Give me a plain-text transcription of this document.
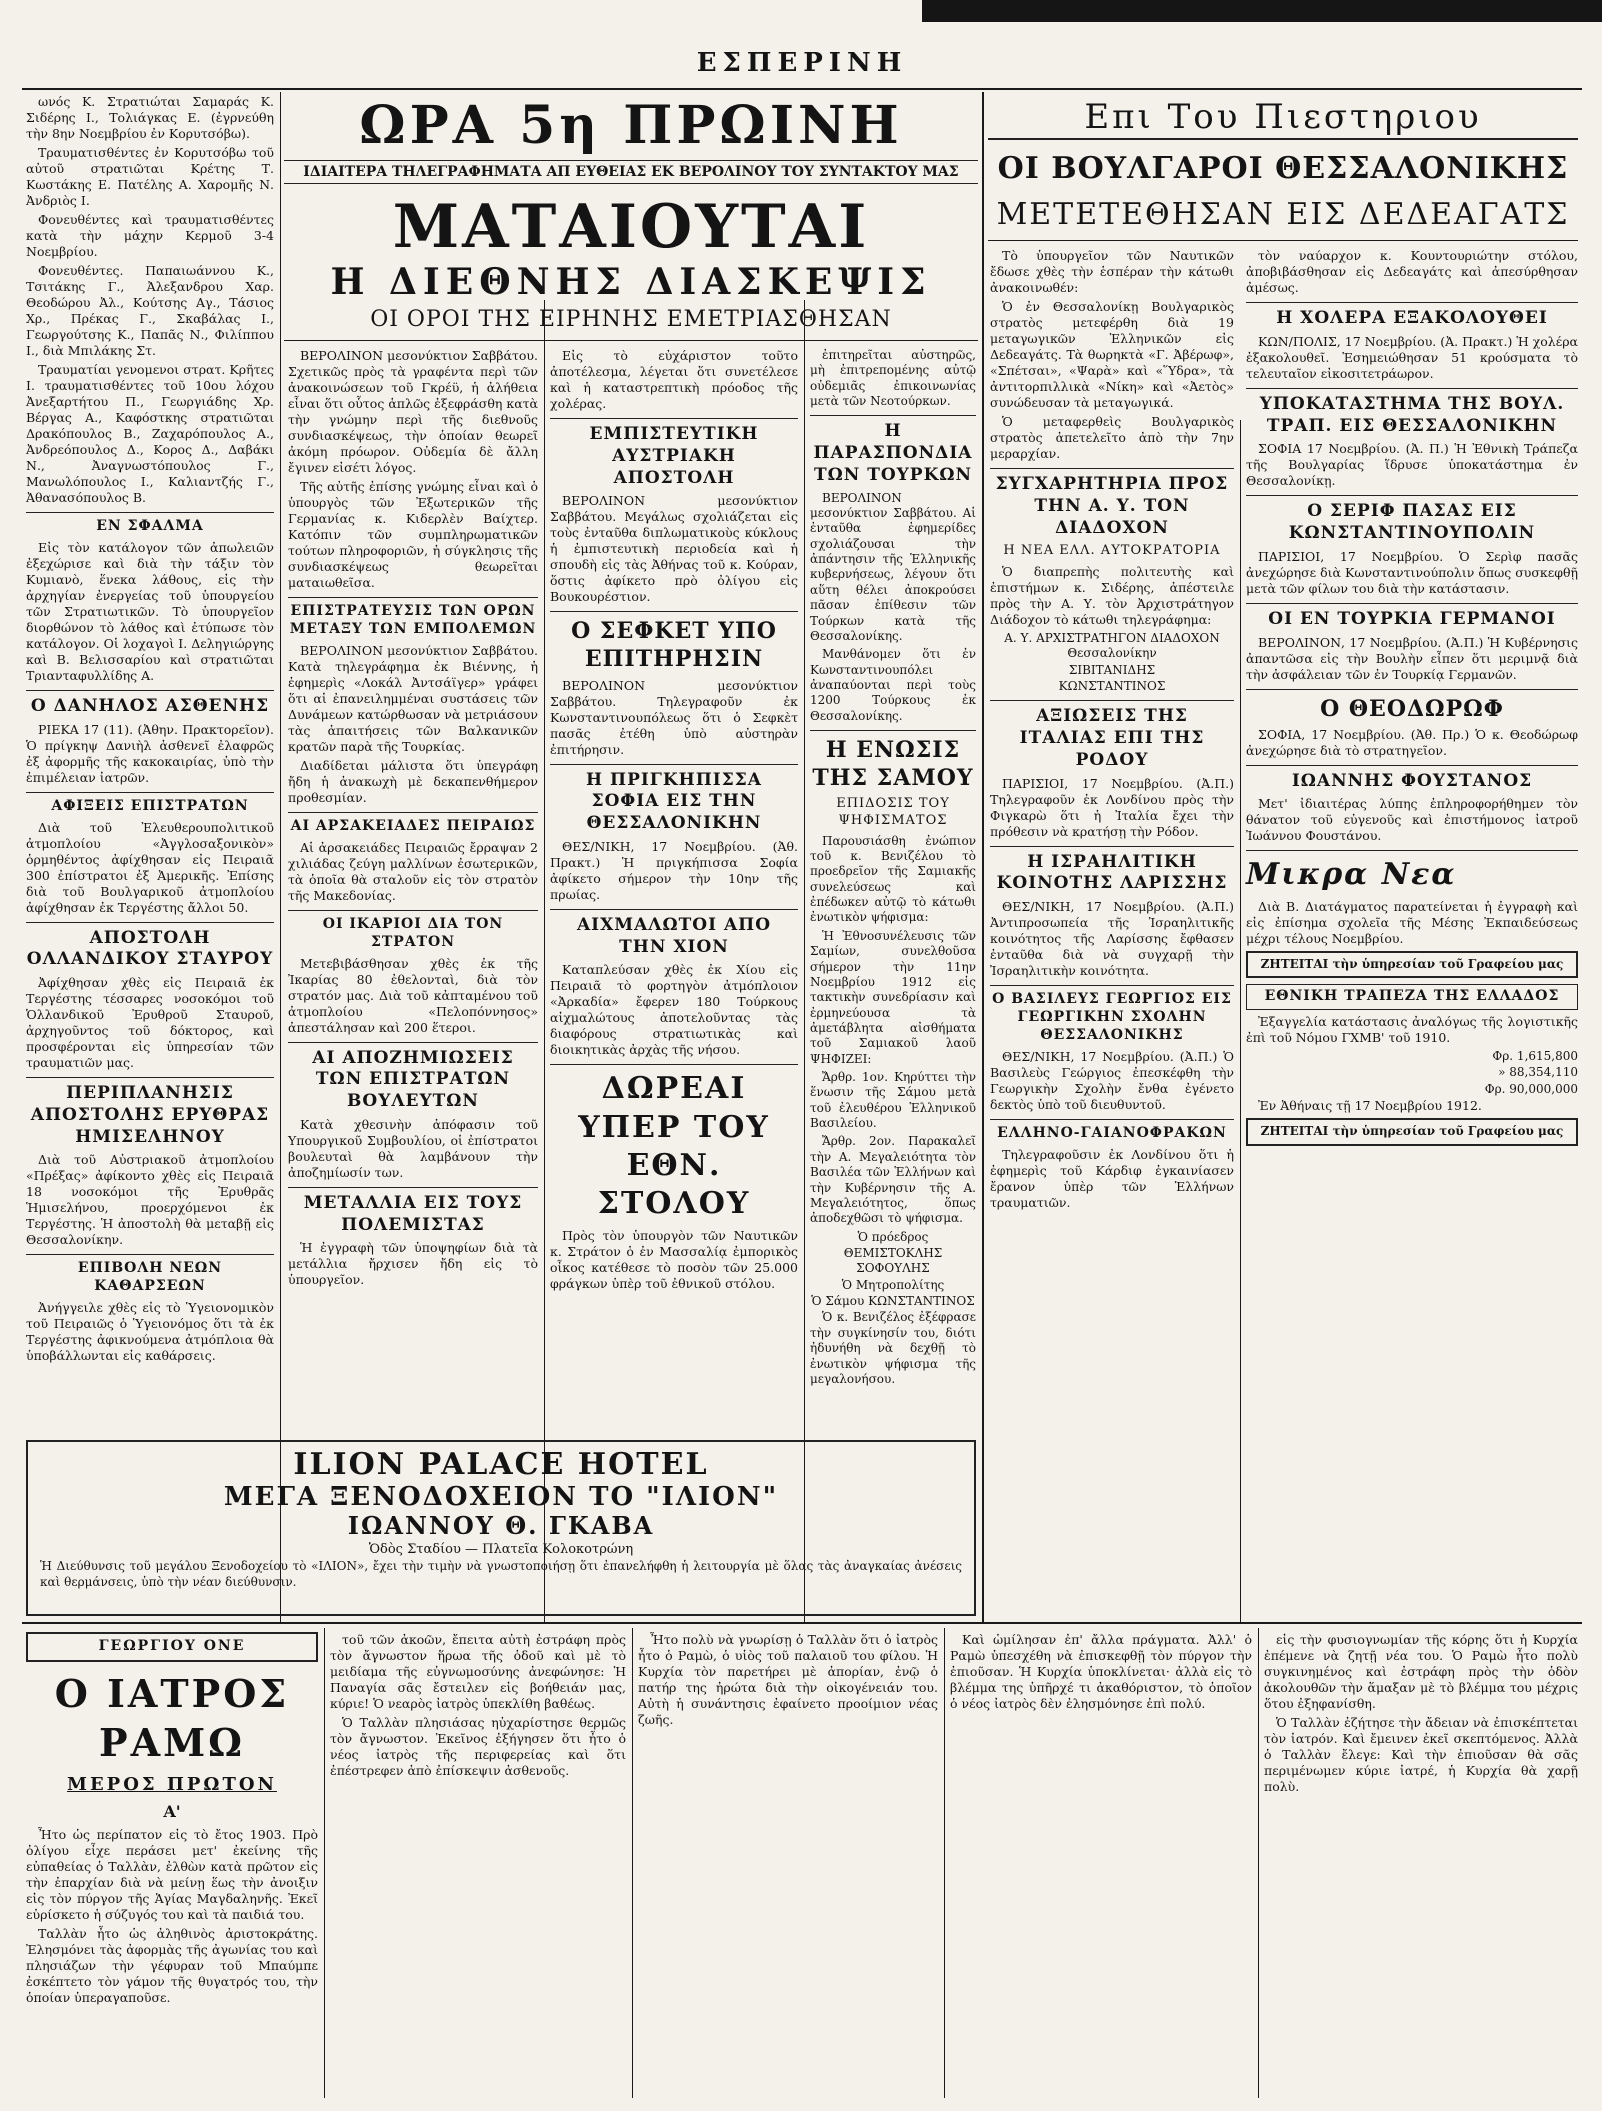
ΕΣΠΕΡΙΝΗ

ωνός Κ. Στρατιώται Σαμαράς Κ. Σιδέρης Ι., Τολιάγκας Ε. (ἐγρνεύθη τὴν 8ην Νοεμβρίου ἐν Κορυτσόβω).

Τραυματισθέντες ἐν Κορυτσόβω τοῦ αὐτοῦ στρατιῶται Κρέτης Τ. Κωστάκης Ε. Πατέλης Α. Χαρομῆς Ν. Ἀνδριὸς Ι.

Φονευθέντες καὶ τραυματισθέντες κατὰ τὴν μάχην Κερμοῦ 3-4 Νοεμβρίου.

Φονευθέντες. Παπαιωάννου Κ., Τσιτάκης Γ., Ἀλεξανδρου Χαρ. Θεοδώρου Ἀλ., Κούτσης Αγ., Τάσιος Χρ., Πρέκας Γ., Σκαβάλας Ι., Γεωργούτσης Κ., Παπᾶς Ν., Φιλίππου Ι., διὰ Μπιλάκης Στ.

Τραυματίαι γενομενοι στρατ. Κρῆτες Ι. τραυματισθέντες τοῦ 10ου λόχου Ἀνεξαρτήτου Π., Γεωργιάδης Χρ. Βέργας Α., Καφόστκης στρατιῶται Δρακόπουλος Β., Ζαχαρόπουλος Α., Ἀνδρεόπουλος Δ., Κορος Δ., Δαβάκι Ν., Ἀναγνωστόπουλος Γ., Μανωλόπουλος Ι., Καλιαντζής Γ., Ἀθανασόπουλος Β.

ΕΝ ΣΦΑΛΜΑ

Εἰς τὸν κατάλογον τῶν ἀπωλειῶν ἐξεχώρισε καὶ διὰ τὴν τάξιν τὸν Κυμιανὸ, ἕνεκα λάθους, εἰς τὴν ἀρχηγίαν ἐνεργείας τοῦ ὑπουργείου τῶν Στρατιωτικῶν. Τὸ ὑπουργεῖον διορθώνον τὸ λάθος καὶ ἐτύπωσε τὸν κατάλογον. Οἱ λοχαγοὶ Ι. Δεληγιώργης καὶ Β. Βελισσαρίου καὶ στρατιῶται Τριανταφυλλίδης Α.

Ο ΔΑΝΗΛΟΣ ΑΣΘΕΝΗΣ

ΡΙΕΚΑ 17 (11). (Ἀθην. Πρακτορεῖον). Ὁ πρίγκηψ Δανιὴλ ἀσθενεῖ ἐλαφρῶς ἐξ ἀφορμῆς τῆς κακοκαιρίας, ὑπὸ τὴν ἐπιμέλειαν ἰατρῶν.

ΑΦΙΞΕΙΣ ΕΠΙΣΤΡΑΤΩΝ

Διὰ τοῦ Ἐλευθερουπολιτικοῦ ἀτμοπλοίου «Ἀγγλοσαξονικὸν» ὁρμηθέντος ἀφίχθησαν εἰς Πειραιᾶ 300 ἐπίστρατοι ἐξ Ἀμερικῆς. Ἐπίσης διὰ τοῦ Βουλγαρικοῦ ἀτμοπλοίου ἀφίχθησαν ἐκ Τεργέστης ἄλλοι 50.

ΑΠΟΣΤΟΛΗ ΟΛΛΑΝΔΙΚΟΥ ΣΤΑΥΡΟΥ

Ἀφίχθησαν χθὲς εἰς Πειραιᾶ ἐκ Τεργέστης τέσσαρες νοσοκόμοι τοῦ Ὁλλανδικοῦ Ἐρυθροῦ Σταυροῦ, ἀρχηγοῦντος τοῦ δόκτορος, καὶ προσφέρονται εἰς ὑπηρεσίαν τῶν τραυματιῶν μας.

ΠΕΡΙΠΛΑΝΗΣΙΣ ΑΠΟΣΤΟΛΗΣ ΕΡΥΘΡΑΣ ΗΜΙΣΕΛΗΝΟΥ

Διὰ τοῦ Αὐστριακοῦ ἀτμοπλοίου «Πρέξας» ἀφίκοντο χθὲς εἰς Πειραιᾶ 18 νοσοκόμοι τῆς Ἐρυθρᾶς Ἡμισελήνου, προερχόμενοι ἐκ Τεργέστης. Ἡ ἀποστολὴ θὰ μεταβῇ εἰς Θεσσαλονίκην.

ΕΠΙΒΟΛΗ ΝΕΩΝ ΚΑΘΑΡΣΕΩΝ

Ἀνήγγειλε χθὲς εἰς τὸ Ὑγειονομικὸν τοῦ Πειραιῶς ὁ Ὑγειονόμος ὅτι τὰ ἐκ Τεργέστης ἀφικνούμενα ἀτμόπλοια θὰ ὑποβάλλωνται εἰς καθάρσεις.

ΩΡΑ 5η ΠΡΩΙΝΗ
ΙΔΙΑΙΤΕΡΑ ΤΗΛΕΓΡΑΦΗΜΑΤΑ ΑΠ ΕΥΘΕΙΑΣ ΕΚ ΒΕΡΟΛΙΝΟΥ ΤΟΥ ΣΥΝΤΑΚΤΟΥ ΜΑΣ
ΜΑΤΑΙΟΥΤΑΙ
Η ΔΙΕΘΝΗΣ ΔΙΑΣΚΕΨΙΣ
ΟΙ ΟΡΟΙ ΤΗΣ ΕΙΡΗΝΗΣ ΕΜΕΤΡΙΑΣΘΗΣΑΝ

ΒΕΡΟΛΙΝΟΝ μεσονύκτιον Σαββάτου. Σχετικῶς πρὸς τὰ γραφέντα περὶ τῶν ἀνακοινώσεων τοῦ Γκρέϋ, ἡ ἀλήθεια εἶναι ὅτι οὗτος ἁπλῶς ἐξεφράσθη κατὰ τὴν γνώμην περὶ τῆς διεθνοῦς συνδιασκέψεως, τὴν ὁποίαν θεωρεῖ ἀκόμη πρόωρον. Οὐδεμία δὲ ἄλλη ἔγινεν εἰσέτι λόγος.

Τῆς αὐτῆς ἐπίσης γνώμης εἶναι καὶ ὁ ὑπουργὸς τῶν Ἐξωτερικῶν τῆς Γερμανίας κ. Κιδερλὲν Βαίχτερ. Κατόπιν τῶν συμπληρωματικῶν τούτων πληροφοριῶν, ἡ σύγκλησις τῆς συνδιασκέψεως θεωρεῖται ματαιωθεῖσα.

ΕΠΙΣΤΡΑΤΕΥΣΙΣ ΤΩΝ ΟΡΩΝ ΜΕΤΑΞΥ ΤΩΝ ΕΜΠΟΛΕΜΩΝ

ΒΕΡΟΛΙΝΟΝ μεσονύκτιον Σαββάτου. Κατὰ τηλεγράφημα ἐκ Βιέννης, ἡ ἐφημερὶς «Λοκάλ Ἀντσάϊγερ» γράφει ὅτι αἱ ἐπανειλημμέναι συστάσεις τῶν Δυνάμεων κατώρθωσαν νὰ μετριάσουν τὰς ἀπαιτήσεις τῶν Βαλκανικῶν κρατῶν παρὰ τῆς Τουρκίας.

Διαδίδεται μάλιστα ὅτι ὑπεγράφη ἤδη ἡ ἀνακωχὴ μὲ δεκαπενθήμερον προθεσμίαν.

ΑΙ ΑΡΣΑΚΕΙΑΔΕΣ ΠΕΙΡΑΙΩΣ

Αἱ ἀρσακειάδες Πειραιῶς ἔρραψαν 2 χιλιάδας ζεύγη μαλλίνων ἐσωτερικῶν, τὰ ὁποῖα θὰ σταλοῦν εἰς τὸν στρατὸν τῆς Μακεδονίας.

ΟΙ ΙΚΑΡΙΟΙ ΔΙΑ ΤΟΝ ΣΤΡΑΤΟΝ

Μετεβιβάσθησαν χθὲς ἐκ τῆς Ἰκαρίας 80 ἐθελονταὶ, διὰ τὸν στρατόν μας. Διὰ τοῦ κἀπταμένου τοῦ ἀτμοπλοίου «Πελοπόννησος» ἀπεστάλησαν καὶ 200 ἕτεροι.

ΑΙ ΑΠΟΖΗΜΙΩΣΕΙΣ ΤΩΝ ΕΠΙΣΤΡΑΤΩΝ ΒΟΥΛΕΥΤΩΝ

Κατὰ χθεσινὴν ἀπόφασιν τοῦ Υπουργικοῦ Συμβουλίου, οἱ ἐπίστρατοι βουλευταὶ θὰ λαμβάνουν τὴν ἀποζημίωσίν των.

ΜΕΤΑΛΛΙΑ ΕΙΣ ΤΟΥΣ ΠΟΛΕΜΙΣΤΑΣ

Ἡ ἐγγραφὴ τῶν ὑποψηφίων διὰ τὰ μετάλλια ἤρχισεν ἤδη εἰς τὸ ὑπουργεῖον.

Εἰς τὸ εὐχάριστον τοῦτο ἀποτέλεσμα, λέγεται ὅτι συνετέλεσε καὶ ἡ καταστρεπτικὴ πρόοδος τῆς χολέρας.

ΕΜΠΙΣΤΕΥΤΙΚΗ ΑΥΣΤΡΙΑΚΗ ΑΠΟΣΤΟΛΗ

ΒΕΡΟΛΙΝΟΝ μεσονύκτιον Σαββάτου. Μεγάλως σχολιάζεται εἰς τοὺς ἐνταῦθα διπλωματικοὺς κύκλους ἡ ἐμπιστευτικὴ περιοδεία καὶ ἡ σπουδὴ εἰς τὰς Ἀθήνας τοῦ κ. Κούραν, ὅστις ἀφίκετο πρὸ ὀλίγου εἰς Βουκουρέστιον.

Ο ΣΕΦΚΕΤ ΥΠΟ ΕΠΙΤΗΡΗΣΙΝ

ΒΕΡΟΛΙΝΟΝ μεσονύκτιον Σαββάτου. Τηλεγραφοῦν ἐκ Κωνσταντινουπόλεως ὅτι ὁ Σεφκὲτ πασᾶς ἐτέθη ὑπὸ αὐστηρὰν ἐπιτήρησιν.

Η ΠΡΙΓΚΗΠΙΣΣΑ ΣΟΦΙΑ ΕΙΣ ΤΗΝ ΘΕΣΣΑΛΟΝΙΚΗΝ

ΘΕΣ/ΝΙΚΗ, 17 Νοεμβρίου. (Ἀθ. Πρακτ.) Ἡ πριγκήπισσα Σοφία ἀφίκετο σήμερον τὴν 10ην τῆς πρωίας.

ΑΙΧΜΑΛΩΤΟΙ ΑΠΟ ΤΗΝ ΧΙΟΝ

Καταπλεύσαν χθὲς ἐκ Χίου εἰς Πειραιᾶ τὸ φορτηγὸν ἀτμόπλοιον «Ἀρκαδία» ἔφερεν 180 Τούρκους αἰχμαλώτους ἀποτελοῦντας τὰς διαφόρους στρατιωτικὰς καὶ διοικητικὰς ἀρχὰς τῆς νήσου.

ΔΩΡΕΑΙ ΥΠΕΡ ΤΟΥ ΕΘΝ. ΣΤΟΛΟΥ

Πρὸς τὸν ὑπουργὸν τῶν Ναυτικῶν κ. Στράτον ὁ ἐν Μασσαλίᾳ ἐμπορικὸς οἶκος κατέθεσε τὸ ποσὸν τῶν 25.000 φράγκων ὑπὲρ τοῦ ἐθνικοῦ στόλου.

ἐπιτηρεῖται αὐστηρῶς, μὴ ἐπιτρεπομένης αὐτῷ οὐδεμιᾶς ἐπικοινωνίας μετὰ τῶν Νεοτούρκων.

Η ΠΑΡΑΣΠΟΝΔΙΑ ΤΩΝ ΤΟΥΡΚΩΝ

ΒΕΡΟΛΙΝΟΝ μεσονύκτιον Σαββάτου. Αἱ ἐνταῦθα ἐφημερίδες σχολιάζουσαι τὴν ἀπάντησιν τῆς Ἑλληνικῆς κυβερνήσεως, λέγουν ὅτι αὕτη θέλει ἀποκρούσει πᾶσαν ἐπίθεσιν τῶν Τούρκων κατὰ τῆς Θεσσαλονίκης.

Μανθάνομεν ὅτι ἐν Κωνσταντινουπόλει ἀναπαύονται περὶ τοὺς 1200 Τούρκους ἐκ Θεσσαλονίκης.

Η ΕΝΩΣΙΣ ΤΗΣ ΣΑΜΟΥ
ΕΠΙΔΟΣΙΣ ΤΟΥ ΨΗΦΙΣΜΑΤΟΣ

Παρουσιάσθη ἐνώπιον τοῦ κ. Βενιζέλου τὸ προεδρεῖον τῆς Σαμιακῆς συνελεύσεως καὶ ἐπέδωκεν αὐτῷ τὸ κάτωθι ἐνωτικὸν ψήφισμα:

Ἡ Ἐθνοσυνέλευσις τῶν Σαμίων, συνελθοῦσα σήμερον τὴν 11ην Νοεμβρίου 1912 εἰς τακτικὴν συνεδρίασιν καὶ ἐρμηνεύουσα τὰ ἀμετάβλητα αἰσθήματα τοῦ Σαμιακοῦ λαοῦ ΨΗΦΙΖΕΙ:

Ἄρθρ. 1ον. Κηρύττει τὴν ἕνωσιν τῆς Σάμου μετὰ τοῦ ἐλευθέρου Ἑλληνικοῦ Βασιλείου.

Ἄρθρ. 2ον. Παρακαλεῖ τὴν Α. Μεγαλειότητα τὸν Βασιλέα τῶν Ἑλλήνων καὶ τὴν Κυβέρνησιν τῆς Α. Μεγαλειότητος, ὅπως ἀποδεχθῶσι τὸ ψήφισμα.

Ὁ πρόεδρος
ΘΕΜΙΣΤΟΚΛΗΣ ΣΟΦΟΥΛΗΣ
Ὁ Μητροπολίτης
Ὁ Σάμου ΚΩΝΣΤΑΝΤΙΝΟΣ

Ὁ κ. Βενιζέλος ἐξέφρασε τὴν συγκίνησίν του, διότι ἠδυνήθη νὰ δεχθῇ τὸ ἐνωτικὸν ψήφισμα τῆς μεγαλονήσου.

Επι Του Πιεστηριου
ΟΙ ΒΟΥΛΓΑΡΟΙ ΘΕΣΣΑΛΟΝΙΚΗΣ
ΜΕΤΕΤΕΘΗΣΑΝ ΕΙΣ ΔΕΔΕΑΓΑΤΣ

Τὸ ὑπουργεῖον τῶν Ναυτικῶν ἔδωσε χθὲς τὴν ἑσπέραν τὴν κάτωθι ἀνακοινωθέν:

Ὁ ἐν Θεσσαλονίκῃ Βουλγαρικὸς στρατὸς μετεφέρθη διὰ 19 μεταγωγικῶν Ἑλληνικῶν εἰς Δεδεαγάτς. Τὰ θωρηκτὰ «Γ. Ἀβέρωφ», «Σπέτσαι», «Ψαρὰ» καὶ «Ὕδρα», τὰ ἀντιτορπιλλικὰ «Νίκη» καὶ «Ἀετὸς» συνώδευσαν τὰ μεταγωγικά.

Ὁ μεταφερθεὶς Βουλγαρικὸς στρατὸς ἀπετελεῖτο ἀπὸ τὴν 7ην μεραρχίαν.

ΣΥΓΧΑΡΗΤΗΡΙΑ ΠΡΟΣ ΤΗΝ Α. Υ. ΤΟΝ ΔΙΑΔΟΧΟΝ
Η ΝΕΑ ΕΛΛ. ΑΥΤΟΚΡΑΤΟΡΙΑ

Ὁ διαπρεπὴς πολιτευτὴς καὶ ἐπιστήμων κ. Σιδέρης, ἀπέστειλε πρὸς τὴν Α. Υ. τὸν Ἀρχιστράτηγον Διάδοχον τὸ κάτωθι τηλεγράφημα:

Α. Υ. ΑΡΧΙΣΤΡΑΤΗΓΟΝ ΔΙΑΔΟΧΟΝ Θεσσαλονίκην
ΣΙΒΙΤΑΝΙΔΗΣ
ΚΩΝΣΤΑΝΤΙΝΟΣ
ΑΞΙΩΣΕΙΣ ΤΗΣ ΙΤΑΛΙΑΣ ΕΠΙ ΤΗΣ ΡΟΔΟΥ

ΠΑΡΙΣΙΟΙ, 17 Νοεμβρίου. (Ἀ.Π.) Τηλεγραφοῦν ἐκ Λονδίνου πρὸς τὴν Φιγκαρὼ ὅτι ἡ Ἰταλία ἔχει τὴν πρόθεσιν νὰ κρατήσῃ τὴν Ρόδον.

Η ΙΣΡΑΗΛΙΤΙΚΗ ΚΟΙΝΟΤΗΣ ΛΑΡΙΣΣΗΣ

ΘΕΣ/ΝΙΚΗ, 17 Νοεμβρίου. (Ἀ.Π.) Ἀντιπροσωπεία τῆς Ἰσραηλιτικῆς κοινότητος τῆς Λαρίσσης ἔφθασεν ἐνταῦθα διὰ νὰ συγχαρῇ τὴν Ἰσραηλιτικὴν κοινότητα.

Ο ΒΑΣΙΛΕΥΣ ΓΕΩΡΓΙΟΣ ΕΙΣ ΓΕΩΡΓΙΚΗΝ ΣΧΟΛΗΝ ΘΕΣΣΑΛΟΝΙΚΗΣ

ΘΕΣ/ΝΙΚΗ, 17 Νοεμβρίου. (Ἀ.Π.) Ὁ Βασιλεὺς Γεώργιος ἐπεσκέφθη τὴν Γεωργικὴν Σχολὴν ἔνθα ἐγένετο δεκτὸς ὑπὸ τοῦ διευθυντοῦ.

ΕΛΛΗΝΟ-ΓΑΙΑΝΟΦΡΑΚΩΝ

Τηλεγραφοῦσιν ἐκ Λονδίνου ὅτι ἡ ἐφημερὶς τοῦ Κάρδιφ ἐγκαινίασεν ἔρανον ὑπὲρ τῶν Ἑλλήνων τραυματιῶν.

τὸν ναύαρχον κ. Κουντουριώτην στόλου, ἀποβιβάσθησαν εἰς Δεδεαγάτς καὶ ἀπεσύρθησαν ἀμέσως.

Η ΧΟΛΕΡΑ ΕΞΑΚΟΛΟΥΘΕΙ

ΚΩΝ/ΠΟΛΙΣ, 17 Νοεμβρίου. (Ἀ. Πρακτ.) Ἡ χολέρα ἐξακολουθεῖ. Ἐσημειώθησαν 51 κρούσματα τὸ τελευταῖον εἰκοσιτετράωρον.

ΥΠΟΚΑΤΑΣΤΗΜΑ ΤΗΣ ΒΟΥΛ. ΤΡΑΠ. ΕΙΣ ΘΕΣΣΑΛΟΝΙΚΗΝ

ΣΟΦΙΑ 17 Νοεμβρίου. (Ἀ. Π.) Ἡ Ἐθνικὴ Τράπεζα τῆς Βουλγαρίας ἵδρυσε ὑποκατάστημα ἐν Θεσσαλονίκῃ.

Ο ΣΕΡΙΦ ΠΑΣΑΣ ΕΙΣ ΚΩΝΣΤΑΝΤΙΝΟΥΠΟΛΙΝ

ΠΑΡΙΣΙΟΙ, 17 Νοεμβρίου. Ὁ Σερὶφ πασᾶς ἀνεχώρησε διὰ Κωνσταντινούπολιν ὅπως συσκεφθῇ μετὰ τῶν φίλων του διὰ τὴν κατάστασιν.

ΟΙ ΕΝ ΤΟΥΡΚΙΑ ΓΕΡΜΑΝΟΙ

ΒΕΡΟΛΙΝΟΝ, 17 Νοεμβρίου. (Ἀ.Π.) Ἡ Κυβέρνησις ἀπαντῶσα εἰς τὴν Βουλὴν εἶπεν ὅτι μεριμνᾷ διὰ τὴν ἀσφάλειαν τῶν ἐν Τουρκίᾳ Γερμανῶν.

Ο ΘΕΟΔΩΡΩΦ

ΣΟΦΙΑ, 17 Νοεμβρίου. (Ἀθ. Πρ.) Ὁ κ. Θεοδώρωφ ἀνεχώρησε διὰ τὸ στρατηγεῖον.

ΙΩΑΝΝΗΣ ΦΟΥΣΤΑΝΟΣ

Μετ' ἰδιαιτέρας λύπης ἐπληροφορήθημεν τὸν θάνατον τοῦ εὐγενοῦς καὶ ἐπιστήμονος ἰατροῦ Ἰωάννου Φουστάνου.

Μικρα Νεα

Διὰ Β. Διατάγματος παρατείνεται ἡ ἐγγραφὴ καὶ εἰς ἐπίσημα σχολεῖα τῆς Μέσης Ἐκπαιδεύσεως μέχρι τέλους Νοεμβρίου.

ΖΗΤΕΙΤΑΙ τὴν ὑπηρεσίαν τοῦ Γραφείου μας
ΕΘΝΙΚΗ ΤΡΑΠΕΖΑ ΤΗΣ ΕΛΛΑΔΟΣ

Ἐξαγγελία κατάστασις ἀναλόγως τῆς λογιστικῆς ἐπὶ τοῦ Νόμου ΓΧΜΒ' τοῦ 1910.

Φρ. 1,615,800
» 88,354,110
Φρ. 90,000,000

Ἐν Ἀθήναις τῇ 17 Νοεμβρίου 1912.

ΖΗΤΕΙΤΑΙ τὴν ὑπηρεσίαν τοῦ Γραφείου μας
ILION PALACE HOTEL
ΜΕΓΑ ΞΕΝΟΔΟΧΕΙΟΝ ΤΟ "ΙΛΙΟΝ"
ΙΩΑΝΝΟΥ Θ. ΓΚΑΒΑ
Ὁδὸς Σταδίου — Πλατεῖα Κολοκοτρώνη
Ἡ Διεύθυνσις τοῦ μεγάλου Ξενοδοχείου τὸ «ΙΛΙΟΝ», ἔχει τὴν τιμὴν νὰ γνωστοποιήσῃ ὅτι ἐπανελήφθη ἡ λειτουργία μὲ ὅλας τὰς ἀναγκαίας ἀνέσεις καὶ θερμάνσεις, ὑπὸ τὴν νέαν διεύθυνσιν.
ΓΕΩΡΓΙΟΥ ΟΝΕ
Ο ΙΑΤΡΟΣ ΡΑΜΩ
ΜΕΡΟΣ ΠΡΩΤΟΝ
Α'

Ἦτο ὡς περίπατον εἰς τὸ ἔτος 1903. Πρὸ ὀλίγου εἶχε περάσει μετ' ἐκείνης τῆς εὐπαθείας ὁ Ταλλὰν, ἐλθὼν κατὰ πρῶτον εἰς τὴν ἐπαρχίαν διὰ νὰ μείνῃ ἕως τὴν ἀνοιξιν εἰς τὸν πύργον τῆς Ἁγίας Μαγδαληνῆς. Ἐκεῖ εὑρίσκετο ἡ σύζυγός του καὶ τὰ παιδιά του.

Ταλλὰν ἦτο ὡς ἀληθινὸς ἀριστοκράτης. Ἐλησμόνει τὰς ἀφορμὰς τῆς ἀγωνίας του καὶ πλησιάζων τὴν γέφυραν τοῦ Μπαύμπε ἐσκέπτετο τὸν γάμον τῆς θυγατρός του, τὴν ὁποίαν ὑπεραγαποῦσε.

τοῦ τῶν ἀκοῶν, ἔπειτα αὐτὴ ἐστράφη πρὸς τὸν ἄγνωστον ἥρωα τῆς ὁδοῦ καὶ μὲ τὸ μειδίαμα τῆς εὐγνωμοσύνης ἀνεφώνησε: Ἡ Παναγία σᾶς ἔστειλεν εἰς βοήθειάν μας, κύριε! Ὁ νεαρὸς ἰατρὸς ὑπεκλίθη βαθέως.

Ὁ Ταλλὰν πλησιάσας ηὐχαρίστησε θερμῶς τὸν ἄγνωστον. Ἐκεῖνος ἐξήγησεν ὅτι ἦτο ὁ νέος ἰατρὸς τῆς περιφερείας καὶ ὅτι ἐπέστρεφεν ἀπὸ ἐπίσκεψιν ἀσθενοῦς.

Ἦτο πολὺ νὰ γνωρίσῃ ὁ Ταλλὰν ὅτι ὁ ἰατρὸς ἦτο ὁ Ραμὼ, ὁ υἱὸς τοῦ παλαιοῦ του φίλου. Ἡ Κυρχία τὸν παρετήρει μὲ ἀπορίαν, ἐνῷ ὁ πατήρ της ἠρώτα διὰ τὴν οἰκογένειάν του. Αὐτὴ ἡ συνάντησις ἐφαίνετο προοίμιον νέας ζωῆς.

Καὶ ὡμίλησαν ἐπ' ἄλλα πράγματα. Ἀλλ' ὁ Ραμὼ ὑπεσχέθη νὰ ἐπισκεφθῇ τὸν πύργον τὴν ἐπιοῦσαν. Ἡ Κυρχία ὑποκλίνεται· ἀλλὰ εἰς τὸ βλέμμα της ὑπῆρχέ τι ἀκαθόριστον, τὸ ὁποῖον ὁ νέος ἰατρὸς δὲν ἐλησμόνησε ἐπὶ πολύ.

εἰς τὴν φυσιογνωμίαν τῆς κόρης ὅτι ἡ Κυρχία ἐπέμενε νὰ ζητῇ νέα του. Ὁ Ραμὼ ἦτο πολὺ συγκινημένος καὶ ἐστράφη πρὸς τὴν ὁδὸν ἀκολουθῶν τὴν ἅμαξαν μὲ τὸ βλέμμα του μέχρις ὅτου ἐξηφανίσθη.

Ὁ Ταλλὰν ἐζήτησε τὴν ἄδειαν νὰ ἐπισκέπτεται τὸν ἰατρόν. Καὶ ἔμεινεν ἐκεῖ σκεπτόμενος. Ἀλλὰ ὁ Ταλλὰν ἔλεγε: Καὶ τὴν ἐπιοῦσαν θὰ σᾶς περιμένωμεν κύριε ἰατρέ, ἡ Κυρχία θὰ χαρῇ πολὺ.
